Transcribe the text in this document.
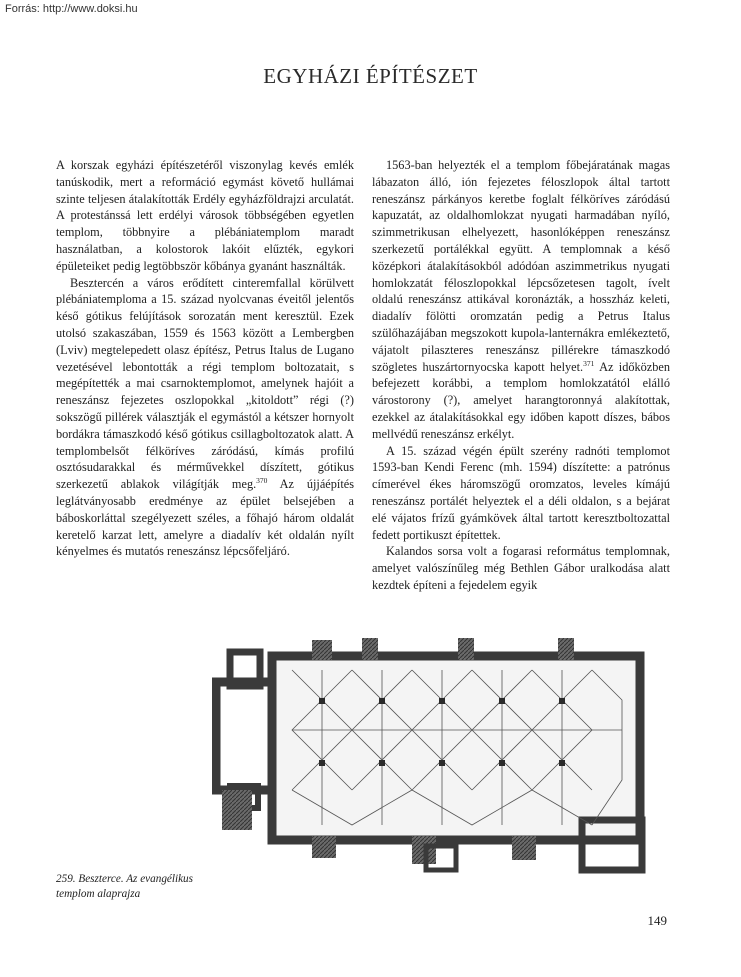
Forrás: http://www.doksi.hu
EGYHÁZI ÉPÍTÉSZET

A korszak egyházi építészetéről viszonylag kevés emlék tanúskodik, mert a reformáció egymást követő hullámai szinte teljesen átalakították Erdély egyházföldrajzi arculatát. A protestánssá lett erdélyi városok többségében egyetlen templom, többnyire a plébániatemplom maradt használatban, a kolostorok lakóit elűzték, egykori épületeiket pedig legtöbbször kőbánya gyanánt használták.

Besztercén a város erődített cinteremfallal körülvett plébániatemploma a 15. század nyolcvanas éveitől jelentős késő gótikus felújítások sorozatán ment keresztül. Ezek utolsó szakaszában, 1559 és 1563 között a Lembergben (Lviv) megtelepedett olasz építész, Petrus Italus de Lugano vezetésével lebontották a régi templom boltozatait, s megépítették a mai csarnoktemplomot, amelynek hajóit a reneszánsz fejezetes oszlopokkal „kitoldott” régi (?) sokszögű pillérek választják el egymástól a kétszer hornyolt bordákra támaszkodó késő gótikus csillagboltozatok alatt. A templombelsőt félköríves záródású, kímás profilú osztósudarakkal és mérművekkel díszített, gótikus szerkezetű ablakok világítják meg.$^{370}$ Az újjáépítés leglátványosabb eredménye az épület belsejében a báboskorláttal szegélyezett széles, a főhajó három oldalát keretelő karzat lett, amelyre a diadalív két oldalán nyílt kényelmes és mutatós reneszánsz lépcsőfeljáró.

1563-ban helyezték el a templom főbejáratának magas lábazaton álló, ión fejezetes féloszlopok által tartott reneszánsz párkányos keretbe foglalt félköríves záródású kapuzatát, az oldalhomlokzat nyugati harmadában nyíló, szimmetrikusan elhelyezett, hasonlóképpen reneszánsz szerkezetű portálékkal együtt. A templomnak a késő középkori átalakításokból adódóan aszimmetrikus nyugati homlokzatát féloszlopokkal lépcsőzetesen tagolt, ívelt oldalú reneszánsz attikával koronázták, a hosszház keleti, diadalív fölötti oromzatán pedig a Petrus Italus szülőhazájában megszokott kupola-lanternákra emlékeztető, vájatolt pilaszteres reneszánsz pillérekre támaszkodó szögletes huszártornyocska kapott helyet.$^{371}$ Az időközben befejezett korábbi, a templom homlokzatától elálló várostorony (?), amelyet harangtoronnyá alakítottak, ezekkel az átalakításokkal egy időben kapott díszes, bábos mellvédű reneszánsz erkélyt.

A 15. század végén épült szerény radnóti templomot 1593-ban Kendi Ferenc (mh. 1594) díszítette: a patrónus címerével ékes háromszögű oromzatos, leveles kímájú reneszánsz portálét helyeztek el a déli oldalon, s a bejárat elé vájatos frízű gyámkövek által tartott keresztboltozattal fedett portikuszt építettek.

Kalandos sorsa volt a fogarasi református templomnak, amelyet valószínűleg még Bethlen Gábor uralkodása alatt kezdtek építeni a fejedelem egyik

259. Beszterce. Az evangélikus templom alaprajza
149
